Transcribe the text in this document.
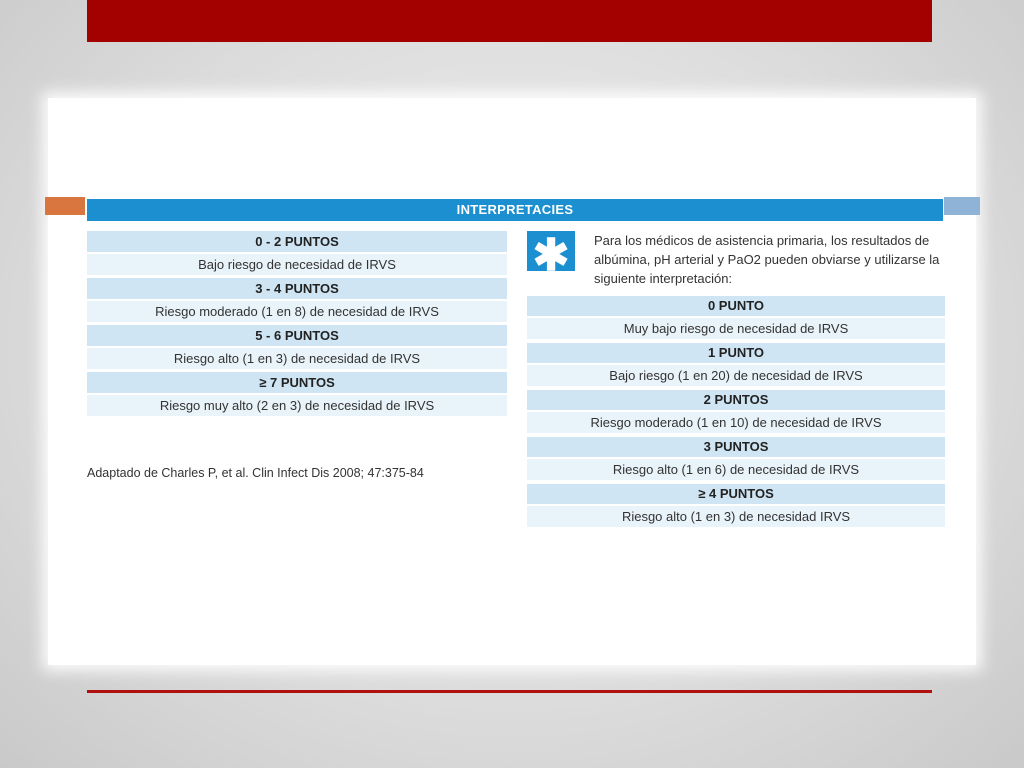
INTERPRETACIES
0 - 2 PUNTOS
Bajo riesgo de necesidad de IRVS
3 - 4 PUNTOS
Riesgo moderado (1 en 8) de necesidad de IRVS
5 - 6 PUNTOS
Riesgo alto (1 en 3) de necesidad de IRVS
≥ 7 PUNTOS
Riesgo muy alto (2 en 3) de necesidad de IRVS
Adaptado de Charles P, et al. Clin Infect Dis 2008; 47:375-84
✱	Para los médicos de asistencia primaria, los resultados de albúmina, pH arterial y PaO2 pueden obviarse y utilizarse la siguiente interpretación:
0 PUNTO
Muy bajo riesgo de necesidad de IRVS
1 PUNTO
Bajo riesgo (1 en 20) de necesidad de IRVS
2 PUNTOS
Riesgo moderado (1 en 10) de necesidad de IRVS
3 PUNTOS
Riesgo alto (1 en 6) de necesidad de IRVS
≥ 4 PUNTOS
Riesgo alto (1 en 3) de necesidad IRVS
